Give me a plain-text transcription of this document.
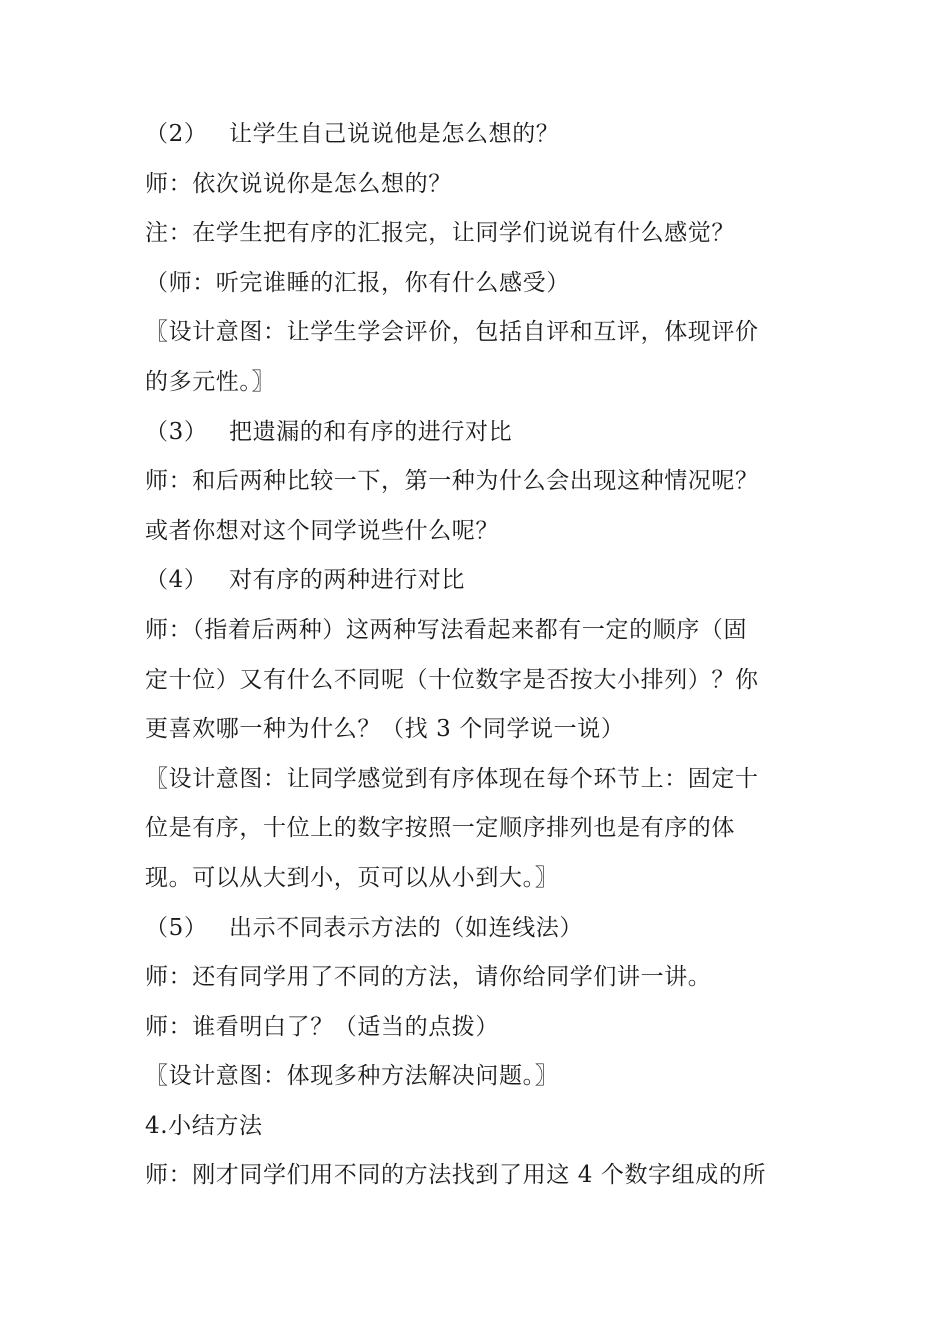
（2） 让学生自己说说他是怎么想的？
师：依次说说你是怎么想的？
注：在学生把有序的汇报完，让同学们说说有什么感觉？
（师：听完谁睡的汇报，你有什么感受）
〖设计意图：让学生学会评价，包括自评和互评，体现评价
的多元性。〗
（3） 把遗漏的和有序的进行对比
师：和后两种比较一下，第一种为什么会出现这种情况呢？
或者你想对这个同学说些什么呢？
（4） 对有序的两种进行对比
师：（指着后两种）这两种写法看起来都有一定的顺序（固
定十位）又有什么不同呢（十位数字是否按大小排列）？你
更喜欢哪一种为什么？（找 3 个同学说一说）
〖设计意图：让同学感觉到有序体现在每个环节上：固定十
位是有序，十位上的数字按照一定顺序排列也是有序的体
现。可以从大到小，页可以从小到大。〗
（5） 出示不同表示方法的（如连线法）
师：还有同学用了不同的方法，请你给同学们讲一讲。
师：谁看明白了？（适当的点拨）
〖设计意图：体现多种方法解决问题。〗
4.小结方法
师：刚才同学们用不同的方法找到了用这 4 个数字组成的所
